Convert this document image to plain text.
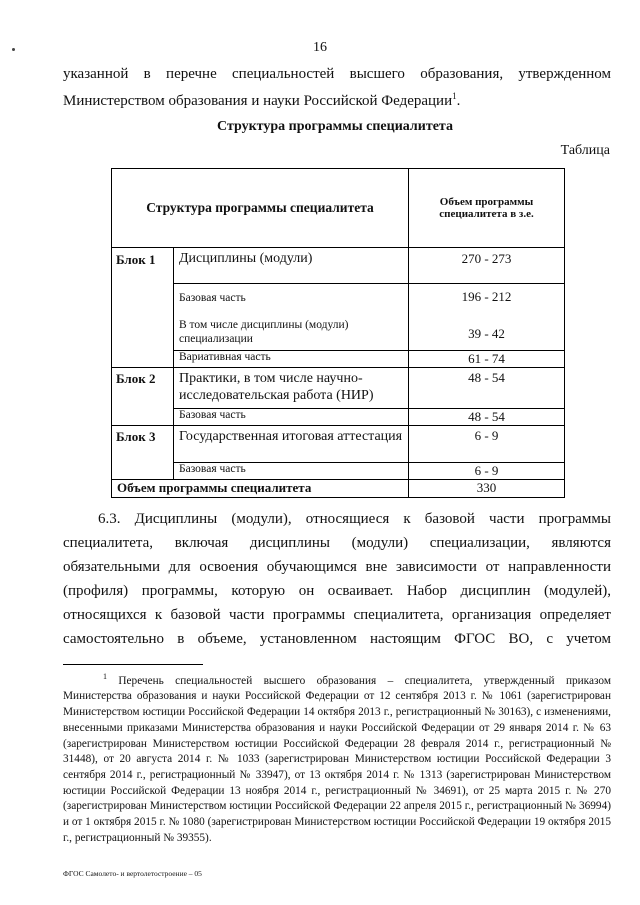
16
указанной в перечне специальностей высшего образования, утвержденном
Министерством образования и науки Российской Федерации$^1$.
Структура программы специалитета
Таблица
Структура программы специалитета		Объем программы специалитета в з.е.
Блок 1	Дисциплины (модули)	270 - 273
	Базовая часть	196 - 212
	В том числе дисциплины (модули) специализации	39 - 42
	Вариативная часть	61 - 74
Блок 2	Практики, в том числе научно-исследовательская работа (НИР)	48 - 54
	Базовая часть	48 - 54
Блок 3	Государственная итоговая аттестация	6 - 9
	Базовая часть	6 - 9
Объем программы специалитета		330
6.3. Дисциплины (модули), относящиеся к базовой части программы
специалитета, включая дисциплины (модули) специализации, являются
обязательными для освоения обучающимся вне зависимости от направленности
(профиля) программы, которую он осваивает. Набор дисциплин (модулей),
относящихся к базовой части программы специалитета, организация определяет
самостоятельно в объеме, установленном настоящим ФГОС ВО, с учетом
$^1$ Перечень специальностей высшего образования – специалитета, утвержденный приказом Министерства образования и науки Российской Федерации от 12 сентября 2013 г. № 1061 (зарегистрирован Министерством юстиции Российской Федерации 14 октября 2013 г., регистрационный № 30163), с изменениями, внесенными приказами Министерства образования и науки Российской Федерации от 29 января 2014 г. № 63 (зарегистрирован Министерством юстиции Российской Федерации 28 февраля 2014 г., регистрационный № 31448), от 20 августа 2014 г. № 1033 (зарегистрирован Министерством юстиции Российской Федерации 3 сентября 2014 г., регистрационный № 33947), от 13 октября 2014 г. № 1313 (зарегистрирован Министерством юстиции Российской Федерации 13 ноября 2014 г., регистрационный № 34691), от 25 марта 2015 г. № 270 (зарегистрирован Министерством юстиции Российской Федерации 22 апреля 2015 г., регистрационный № 36994) и от 1 октября 2015 г. № 1080 (зарегистрирован Министерством юстиции Российской Федерации 19 октября 2015 г., регистрационный № 39355).
ФГОС Самолето- и вертолетостроение – 05
